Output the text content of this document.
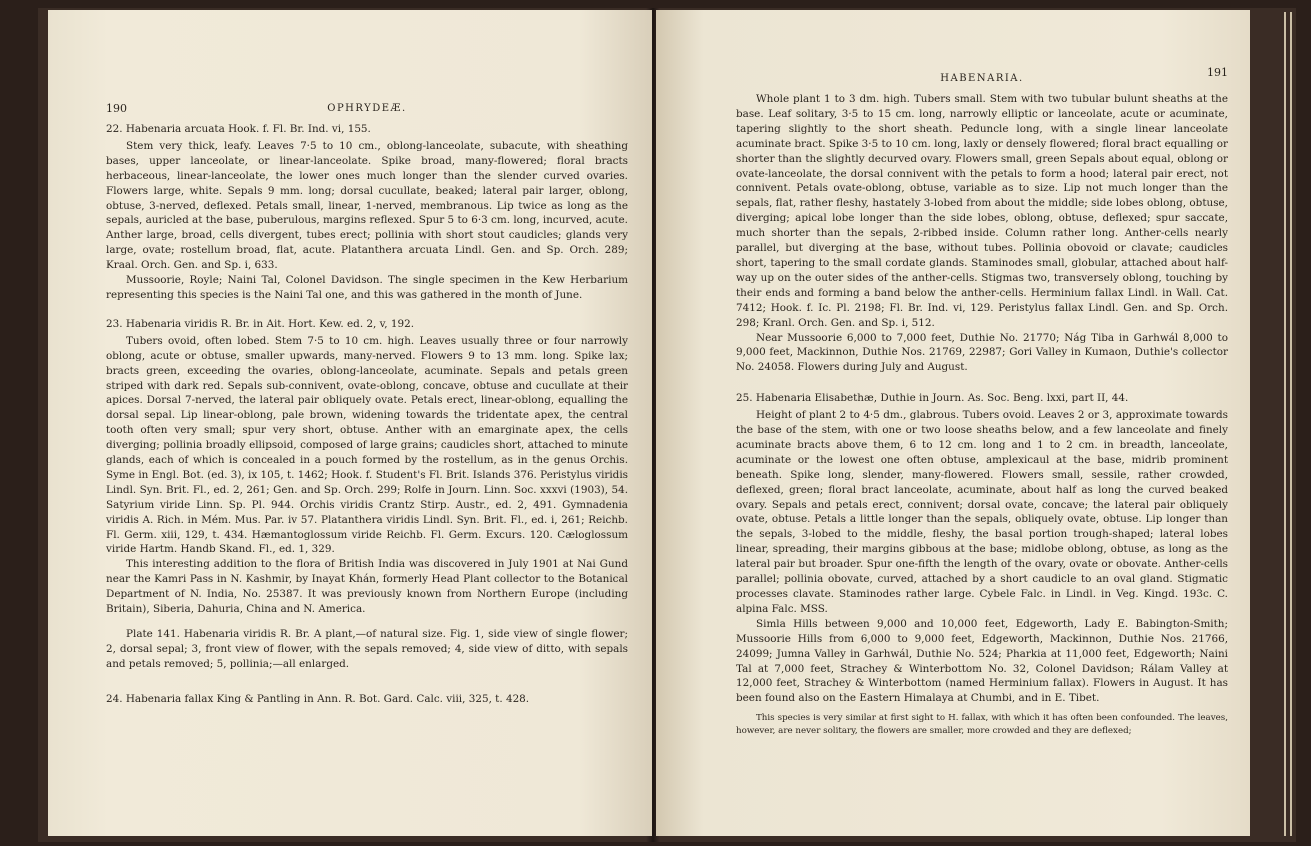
190	OPHRYDEÆ.

22. Habenaria arcuata Hook. f. Fl. Br. Ind. vi, 155.

Stem very thick, leafy. Leaves 7·5 to 10 cm., oblong-lanceolate, subacute, with sheathing bases, upper lanceolate, or linear-lanceolate. Spike broad, many-flowered; floral bracts herbaceous, linear-lanceolate, the lower ones much longer than the slender curved ovaries. Flowers large, white. Sepals 9 mm. long; dorsal cucullate, beaked; lateral pair larger, oblong, obtuse, 3-nerved, deflexed. Petals small, linear, 1-nerved, membranous. Lip twice as long as the sepals, auricled at the base, puberulous, margins reflexed. Spur 5 to 6·3 cm. long, incurved, acute. Anther large, broad, cells divergent, tubes erect; pollinia with short stout caudicles; glands very large, ovate; rostellum broad, flat, acute. Platanthera arcuata Lindl. Gen. and Sp. Orch. 289; Kraal. Orch. Gen. and Sp. i, 633.

Mussoorie, Royle; Naini Tal, Colonel Davidson. The single specimen in the Kew Herbarium representing this species is the Naini Tal one, and this was gathered in the month of June.

23. Habenaria viridis R. Br. in Ait. Hort. Kew. ed. 2, v, 192.

Tubers ovoid, often lobed. Stem 7·5 to 10 cm. high. Leaves usually three or four narrowly oblong, acute or obtuse, smaller upwards, many-nerved. Flowers 9 to 13 mm. long. Spike lax; bracts green, exceeding the ovaries, oblong-lanceolate, acuminate. Sepals and petals green striped with dark red. Sepals sub-connivent, ovate-oblong, concave, obtuse and cucullate at their apices. Dorsal 7-nerved, the lateral pair obliquely ovate. Petals erect, linear-oblong, equalling the dorsal sepal. Lip linear-oblong, pale brown, widening towards the tridentate apex, the central tooth often very small; spur very short, obtuse. Anther with an emarginate apex, the cells diverging; pollinia broadly ellipsoid, composed of large grains; caudicles short, attached to minute glands, each of which is concealed in a pouch formed by the rostellum, as in the genus Orchis. Syme in Engl. Bot. (ed. 3), ix 105, t. 1462; Hook. f. Student's Fl. Brit. Islands 376. Peristylus viridis Lindl. Syn. Brit. Fl., ed. 2, 261; Gen. and Sp. Orch. 299; Rolfe in Journ. Linn. Soc. xxxvi (1903), 54. Satyrium viride Linn. Sp. Pl. 944. Orchis viridis Crantz Stirp. Austr., ed. 2, 491. Gymnadenia viridis A. Rich. in Mém. Mus. Par. iv 57. Platanthera viridis Lindl. Syn. Brit. Fl., ed. i, 261; Reichb. Fl. Germ. xiii, 129, t. 434. Hæmantoglossum viride Reichb. Fl. Germ. Excurs. 120. Cæloglossum viride Hartm. Handb Skand. Fl., ed. 1, 329.

This interesting addition to the flora of British India was discovered in July 1901 at Nai Gund near the Kamri Pass in N. Kashmir, by Inayat Khán, formerly Head Plant collector to the Botanical Department of N. India, No. 25387. It was previously known from Northern Europe (including Britain), Siberia, Dahuria, China and N. America.

Plate 141. Habenaria viridis R. Br. A plant,—of natural size. Fig. 1, side view of single flower; 2, dorsal sepal; 3, front view of flower, with the sepals removed; 4, side view of ditto, with sepals and petals removed; 5, pollinia;—all enlarged.

24. Habenaria fallax King & Pantling in Ann. R. Bot. Gard. Calc. viii, 325, t. 428.

HABENARIA.	191

Whole plant 1 to 3 dm. high. Tubers small. Stem with two tubular bulunt sheaths at the base. Leaf solitary, 3·5 to 15 cm. long, narrowly elliptic or lanceolate, acute or acuminate, tapering slightly to the short sheath. Peduncle long, with a single linear lanceolate acuminate bract. Spike 3·5 to 10 cm. long, laxly or densely flowered; floral bract equalling or shorter than the slightly decurved ovary. Flowers small, green Sepals about equal, oblong or ovate-lanceolate, the dorsal connivent with the petals to form a hood; lateral pair erect, not connivent. Petals ovate-oblong, obtuse, variable as to size. Lip not much longer than the sepals, flat, rather fleshy, hastately 3-lobed from about the middle; side lobes oblong, obtuse, diverging; apical lobe longer than the side lobes, oblong, obtuse, deflexed; spur saccate, much shorter than the sepals, 2-ribbed inside. Column rather long. Anther-cells nearly parallel, but diverging at the base, without tubes. Pollinia obovoid or clavate; caudicles short, tapering to the small cordate glands. Staminodes small, globular, attached about half-way up on the outer sides of the anther-cells. Stigmas two, transversely oblong, touching by their ends and forming a band below the anther-cells. Herminium fallax Lindl. in Wall. Cat. 7412; Hook. f. Ic. Pl. 2198; Fl. Br. Ind. vi, 129. Peristylus fallax Lindl. Gen. and Sp. Orch. 298; Kranl. Orch. Gen. and Sp. i, 512.

Near Mussoorie 6,000 to 7,000 feet, Duthie No. 21770; Nág Tiba in Garhwál 8,000 to 9,000 feet, Mackinnon, Duthie Nos. 21769, 22987; Gori Valley in Kumaon, Duthie's collector No. 24058. Flowers during July and August.

25. Habenaria Elisabethæ, Duthie in Journ. As. Soc. Beng. lxxi, part II, 44.

Height of plant 2 to 4·5 dm., glabrous. Tubers ovoid. Leaves 2 or 3, approximate towards the base of the stem, with one or two loose sheaths below, and a few lanceolate and finely acuminate bracts above them, 6 to 12 cm. long and 1 to 2 cm. in breadth, lanceolate, acuminate or the lowest one often obtuse, amplexicaul at the base, midrib prominent beneath. Spike long, slender, many-flowered. Flowers small, sessile, rather crowded, deflexed, green; floral bract lanceolate, acuminate, about half as long the curved beaked ovary. Sepals and petals erect, connivent; dorsal ovate, concave; the lateral pair obliquely ovate, obtuse. Petals a little longer than the sepals, obliquely ovate, obtuse. Lip longer than the sepals, 3-lobed to the middle, fleshy, the basal portion trough-shaped; lateral lobes linear, spreading, their margins gibbous at the base; midlobe oblong, obtuse, as long as the lateral pair but broader. Spur one-fifth the length of the ovary, ovate or obovate. Anther-cells parallel; pollinia obovate, curved, attached by a short caudicle to an oval gland. Stigmatic processes clavate. Staminodes rather large. Cybele Falc. in Lindl. in Veg. Kingd. 193c. C. alpina Falc. MSS.

Simla Hills between 9,000 and 10,000 feet, Edgeworth, Lady E. Babington-Smith; Mussoorie Hills from 6,000 to 9,000 feet, Edgeworth, Mackinnon, Duthie Nos. 21766, 24099; Jumna Valley in Garhwál, Duthie No. 524; Pharkia at 11,000 feet, Edgeworth; Naini Tal at 7,000 feet, Strachey & Winterbottom No. 32, Colonel Davidson; Rálam Valley at 12,000 feet, Strachey & Winterbottom (named Herminium fallax). Flowers in August. It has been found also on the Eastern Himalaya at Chumbi, and in E. Tibet.

This species is very similar at first sight to H. fallax, with which it has often been confounded. The leaves, however, are never solitary, the flowers are smaller, more crowded and they are deflexed;
